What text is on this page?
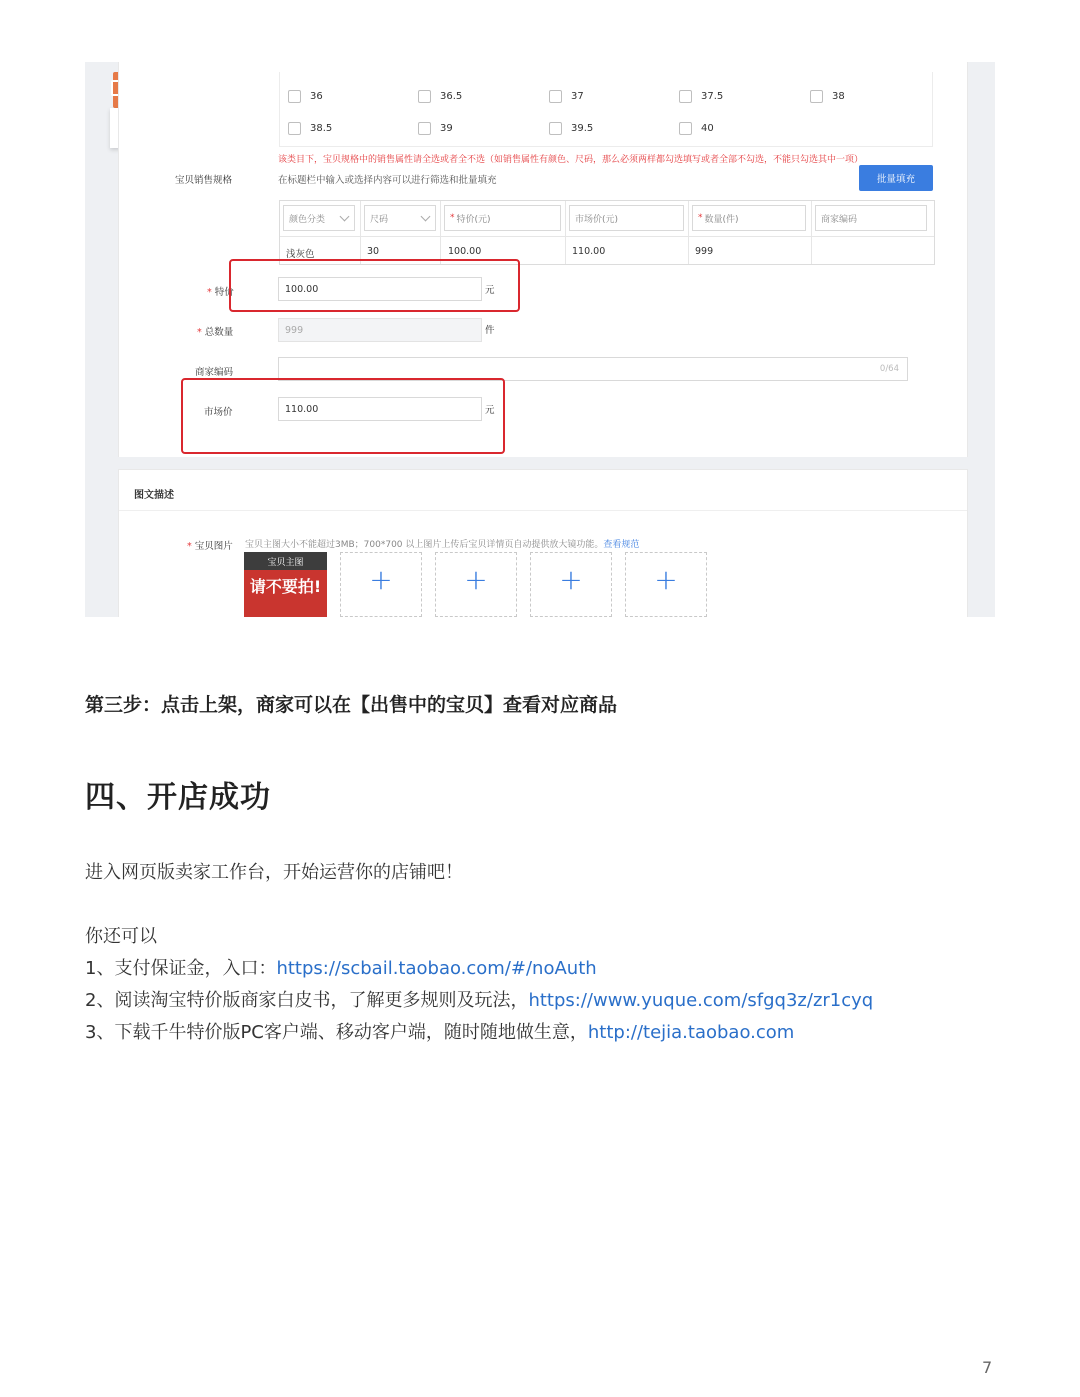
36	36.5	37	37.5	38
38.5	39	39.5	40
该类目下，宝贝规格中的销售属性请全选或者全不选（如销售属性有颜色、尺码，那么必须两样都勾选填写或者全部不勾选，不能只勾选其中一项）
宝贝销售规格	在标题栏中输入或选择内容可以进行筛选和批量填充	批量填充
颜色分类	尺码	* 特价(元)	市场价(元)	* 数量(件)	商家编码
浅灰色	30	100.00	110.00	999
* 特价	100.00	元
* 总数量	999	件
商家编码	0/64
市场价	110.00	元
图文描述
* 宝贝图片 宝贝主图大小不能超过3MB；700*700 以上图片上传后宝贝详情页自动提供放大镜功能。查看规范
宝贝主图
请不要拍!	+	+	+	+
第三步：点击上架，商家可以在【出售中的宝贝】查看对应商品
四、开店成功
进入网页版卖家工作台，开始运营你的店铺吧！
你还可以
1、支付保证金，入口：https://scbail.taobao.com/#/noAuth
2、阅读淘宝特价版商家白皮书，了解更多规则及玩法，https://www.yuque.com/sfgq3z/zr1cyq
3、下载千牛特价版PC客户端、移动客户端，随时随地做生意，http://tejia.taobao.com
7
